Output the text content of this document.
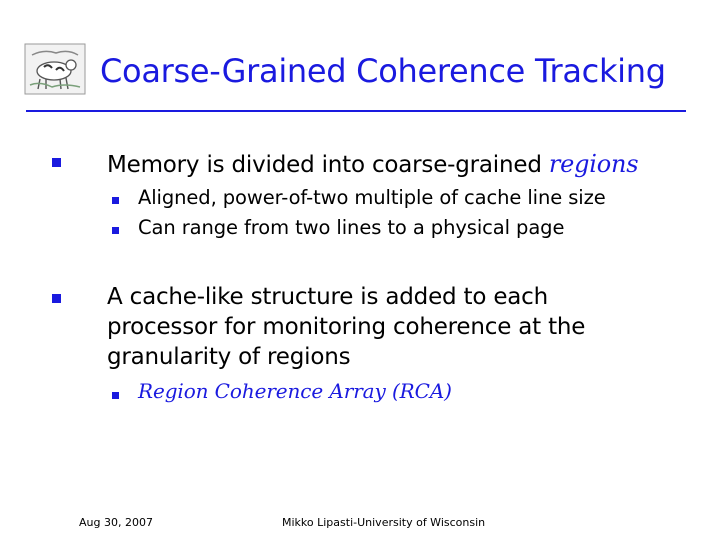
Coarse-Grained Coherence Tracking
Memory is divided into coarse-grained regions
Aligned, power-of-two multiple of cache line size
Can range from two lines to a physical page
A cache-like structure is added to each
processor for monitoring coherence at the
granularity of regions
Region Coherence Array (RCA)
Aug 30, 2007	Mikko Lipasti-University of Wisconsin
